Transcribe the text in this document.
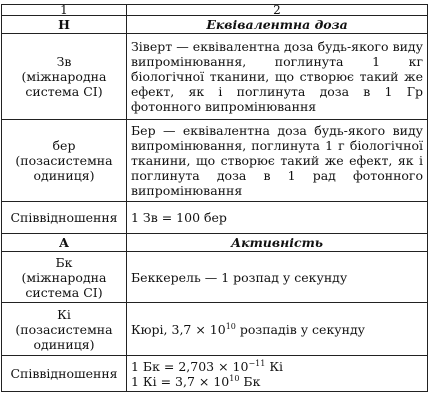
1	2
Н	Еквівалентна доза

Зв
(міжнародна
система СІ)	Зіверт — еквівалентна доза будь-якого виду випромінювання, поглинута 1 кг біологічної тканини, що створює такий же ефект, як і поглинута доза в 1 Гр фотонного випромінювання

бер
(позасистемна
одиниця)	Бер — еквівалентна доза будь-якого виду випромінювання, поглинута 1 г біологічної тканини, що створює такий же ефект, як і поглинута доза в 1 рад фотонного випромінювання
Співвідношення	1 Зв = 100 бер
A	Активність

Бк
(міжнародна
система СІ)	Беккерель — 1 розпад у секунду

Кі
(позасистемна
одиниця)	Кюрі, $3,7 \times 10^{10}$ розпадів у секунду
Співвідношення	1 Бк = $2,703 \times 10^{-11}$ Кі
1 Кі = $3,7 \times 10^{10}$ Бк
